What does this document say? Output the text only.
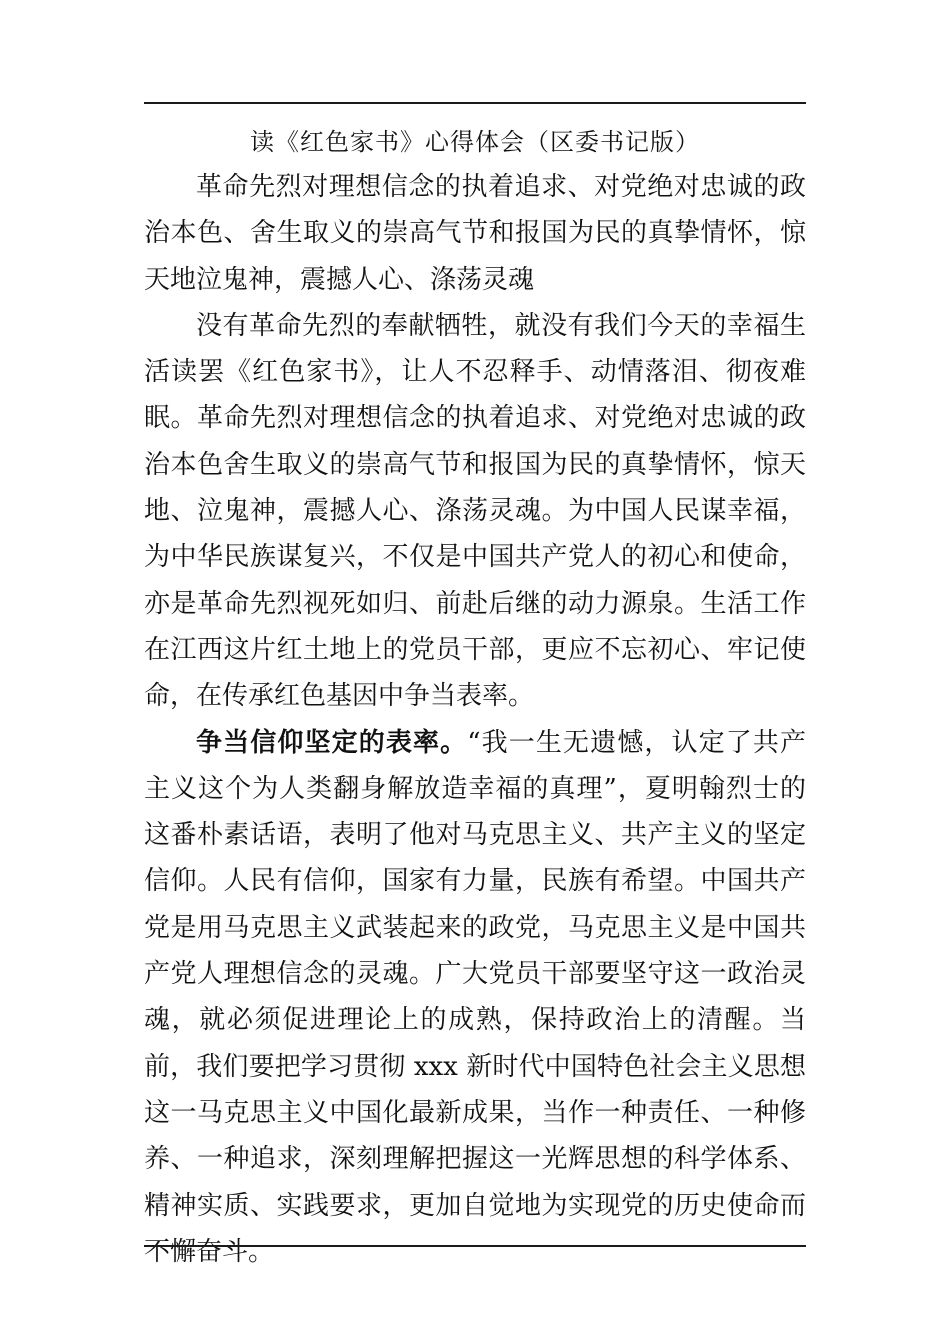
读《红色家书》心得体会（区委书记版）

革命先烈对理想信念的执着追求、对党绝对忠诚的政治本色、舍生取义的崇高气节和报国为民的真挚情怀，惊天地泣鬼神，震撼人心、涤荡灵魂

没有革命先烈的奉献牺牲，就没有我们今天的幸福生活读罢《红色家书》，让人不忍释手、动情落泪、彻夜难眠。革命先烈对理想信念的执着追求、对党绝对忠诚的政治本色舍生取义的崇高气节和报国为民的真挚情怀，惊天地、泣鬼神，震撼人心、涤荡灵魂。为中国人民谋幸福，为中华民族谋复兴，不仅是中国共产党人的初心和使命，亦是革命先烈视死如归、前赴后继的动力源泉。生活工作在江西这片红土地上的党员干部，更应不忘初心、牢记使命，在传承红色基因中争当表率。

争当信仰坚定的表率。“我一生无遗憾，认定了共产主义这个为人类翻身解放造幸福的真理”，夏明翰烈士的这番朴素话语，表明了他对马克思主义、共产主义的坚定信仰。人民有信仰，国家有力量，民族有希望。中国共产党是用马克思主义武装起来的政党，马克思主义是中国共产党人理想信念的灵魂。广大党员干部要坚守这一政治灵魂，就必须促进理论上的成熟，保持政治上的清醒。当前，我们要把学习贯彻 xxx 新时代中国特色社会主义思想这一马克思主义中国化最新成果，当作一种责任、一种修养、一种追求，深刻理解把握这一光辉思想的科学体系、精神实质、实践要求，更加自觉地为实现党的历史使命而不懈奋斗。
